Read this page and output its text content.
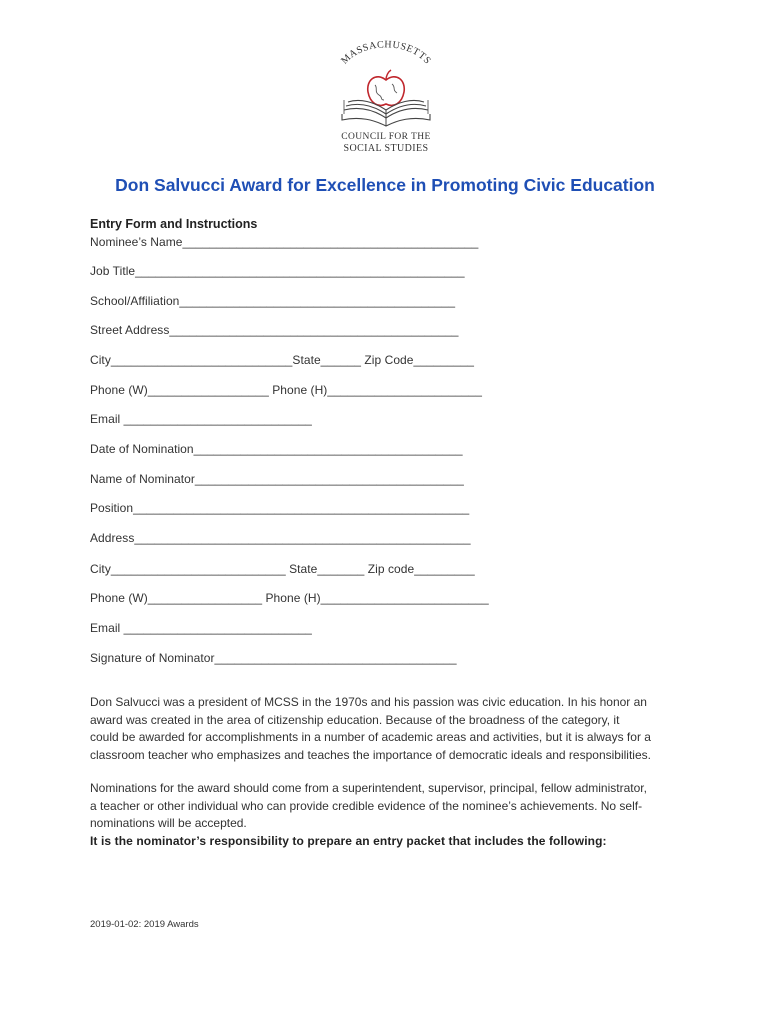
MASSACHUSETTS
COUNCIL FOR THE
SOCIAL STUDIES
Don Salvucci Award for Excellence in Promoting Civic Education
Entry Form and Instructions
Nominee’s Name____________________________________________
Job Title_________________________________________________
School/Affiliation_________________________________________
Street Address___________________________________________
City___________________________State______ Zip Code_________
Phone (W)__________________ Phone (H)_______________________
Email ____________________________
Date of Nomination________________________________________
Name of Nominator________________________________________
Position__________________________________________________
Address__________________________________________________
City__________________________ State_______ Zip code_________
Phone (W)_________________ Phone (H)_________________________
Email ____________________________
Signature of Nominator____________________________________
Don Salvucci was a president of MCSS in the 1970s and his passion was civic education. In his honor an
award was created in the area of citizenship education. Because of the broadness of the category, it
could be awarded for accomplishments in a number of academic areas and activities, but it is always for a
classroom teacher who emphasizes and teaches the importance of democratic ideals and responsibilities.
Nominations for the award should come from a superintendent, supervisor, principal, fellow administrator,
a teacher or other individual who can provide credible evidence of the nominee’s achievements. No self-
nominations will be accepted.
It is the nominator’s responsibility to prepare an entry packet that includes the following:
2019-01-02: 2019 Awards
